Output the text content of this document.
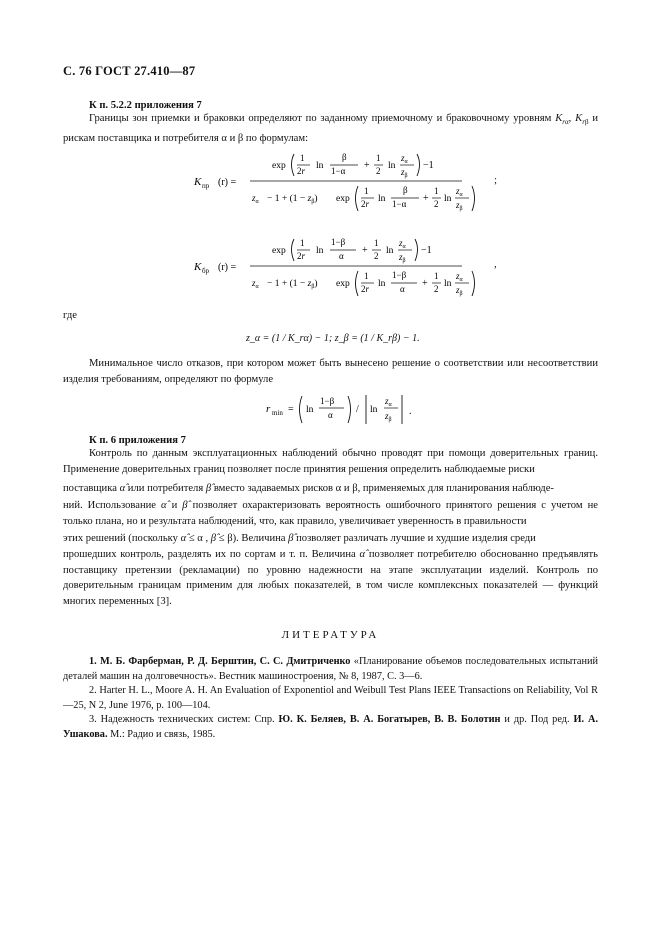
С. 76 ГОСТ 27.410—87
К п. 5.2.2 приложения 7

Границы зон приемки и браковки определяют по заданному приемочному и браковочному уровням $K_{r\alpha}$, $K_{r\beta}$ и рискам поставщика и потребителя α и β по формулам:

K пр (r) =
exp
1
2r ln
β
1−α +
1
2 ln
$z_\alpha$
$z_\beta$
−1
$z_\alpha - 1 + (1 - z_\beta)$ exp
1
2r ln
β
1−α +
1
2 ln
$z_\alpha$
$z_\beta$
;
K бр (r) =
exp
1
2r ln
1−β
α +
1
2 ln
$z_\alpha$
$z_\beta$
−1
$z_\alpha - 1 + (1 - z_\beta)$ exp
1
2r ln
1−β
α +
1
2 ln
$z_\alpha$
$z_\beta$
,
где
z_α = (1 / K_rα) − 1; z_β = (1 / K_rβ) − 1.

Минимальное число отказов, при котором может быть вынесено решение о соответствии или несоответствии изделия требованиям, определяют по формуле

r min = ln
1−β
α / ln
$z_\alpha$
$z_\beta$
.
К п. 6 приложения 7

Контроль по данным эксплуатационных наблюдений обычно проводят при помощи доверительных границ. Применение доверительных границ позволяет после принятия решения определить наблюдаемые риски

поставщика α̂ или потребителя β̂ вместо задаваемых рисков α и β, применяемых для планирования наблюде-

ний. Использование α̂ и β̂ позволяет охарактеризовать вероятность ошибочного принятого решения с учетом не только плана, но и результата наблюдений, что, как правило, увеличивает уверенность в правильности

этих решений (поскольку α̂ ≤ α , β̂ ≤ β). Величина β̂ позволяет различать лучшие и худшие изделия среди

прошедших контроль, разделять их по сортам и т. п. Величина α̂ позволяет потребителю обоснованно предъявлять поставщику претензии (рекламации) по уровню надежности на этапе эксплуатации изделий. Контроль по доверительным границам применим для любых показателей, в том числе комплексных показателей — функций многих переменных [3].

ЛИТЕРАТУРА

1. М. Б. Фарберман, Р. Д. Берштин, С. С. Дмитриченко «Планирование объемов последовательных испытаний деталей машин на долговечность». Вестник машиностроения, № 8, 1987, С. 3—6.

2. Harter H. L., Moore A. H. An Evaluation of Exponentiol and Weibull Test Plans IEEE Transactions on Reliability, Vol R—25, N 2, June 1976, p. 100—104.

3. Надежность технических систем: Спр. Ю. К. Беляев, В. А. Богатырев, В. В. Болотин и др. Под ред. И. А. Ушакова. М.: Радио и связь, 1985.
